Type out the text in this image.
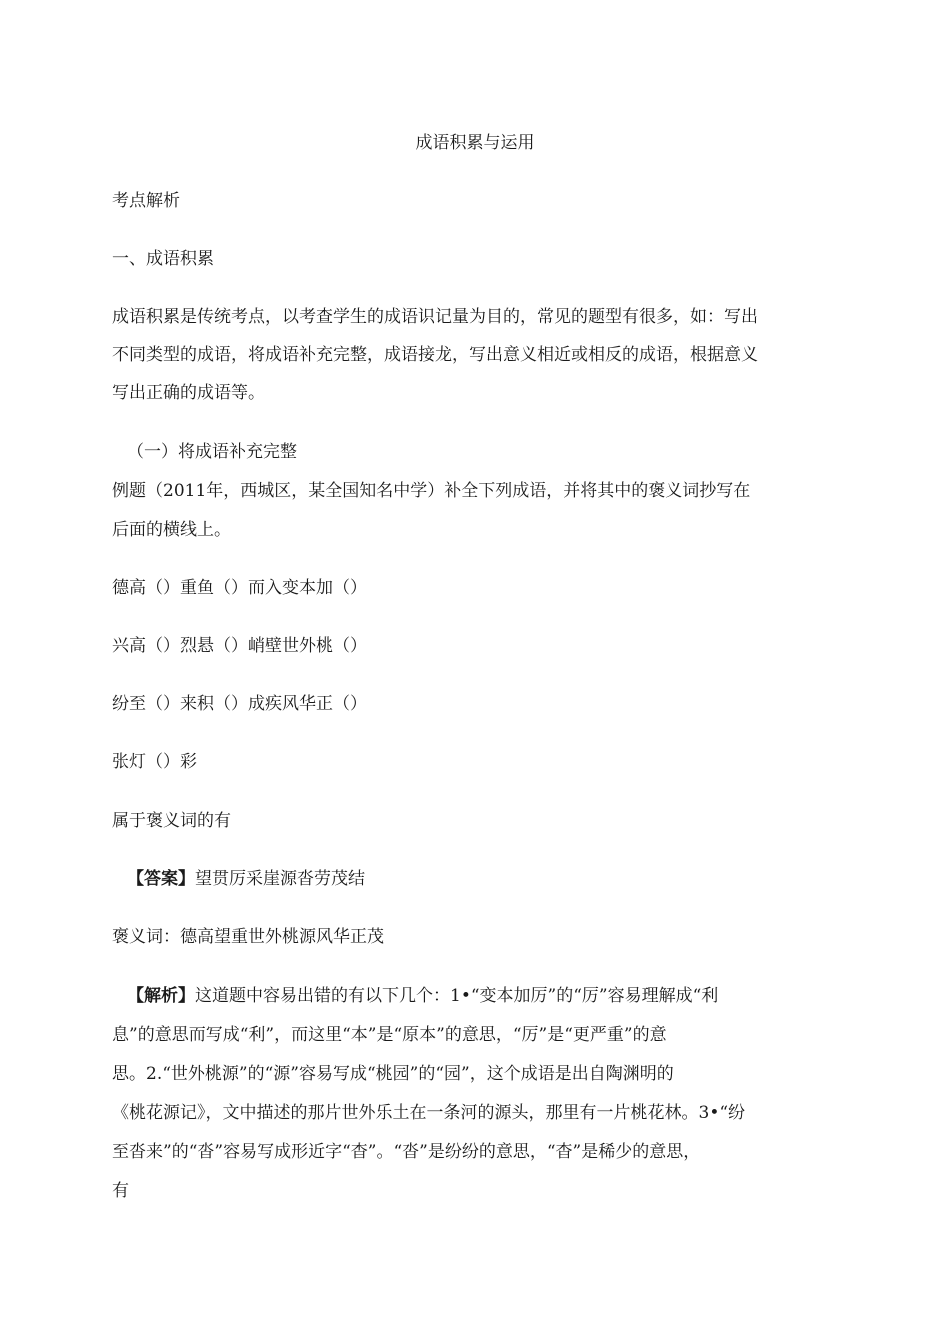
成语积累与运用
考点解析
一、成语积累
成语积累是传统考点，以考查学生的成语识记量为目的，常见的题型有很多，如：写出
不同类型的成语，将成语补充完整，成语接龙，写出意义相近或相反的成语，根据意义
写出正确的成语等。
（一）将成语补充完整
例题（2011年，西城区，某全国知名中学）补全下列成语，并将其中的褒义词抄写在
后面的横线上。
德高（）重鱼（）而入变本加（）
兴高（）烈悬（）峭壁世外桃（）
纷至（）来积（）成疾风华正（）
张灯（）彩
属于褒义词的有
【答案】望贯厉采崖源沓劳茂结
褒义词：德高望重世外桃源风华正茂
【解析】这道题中容易出错的有以下几个：1•“变本加厉”的“厉”容易理解成“利
息”的意思而写成“利”，而这里“本”是“原本”的意思，“厉”是“更严重”的意
思。2.“世外桃源”的“源”容易写成“桃园”的“园”，这个成语是出自陶渊明的
《桃花源记》，文中描述的那片世外乐土在一条河的源头，那里有一片桃花林。3•“纷
至沓来”的“沓”容易写成形近字“杳”。“沓”是纷纷的意思，“杳”是稀少的意思，
有
